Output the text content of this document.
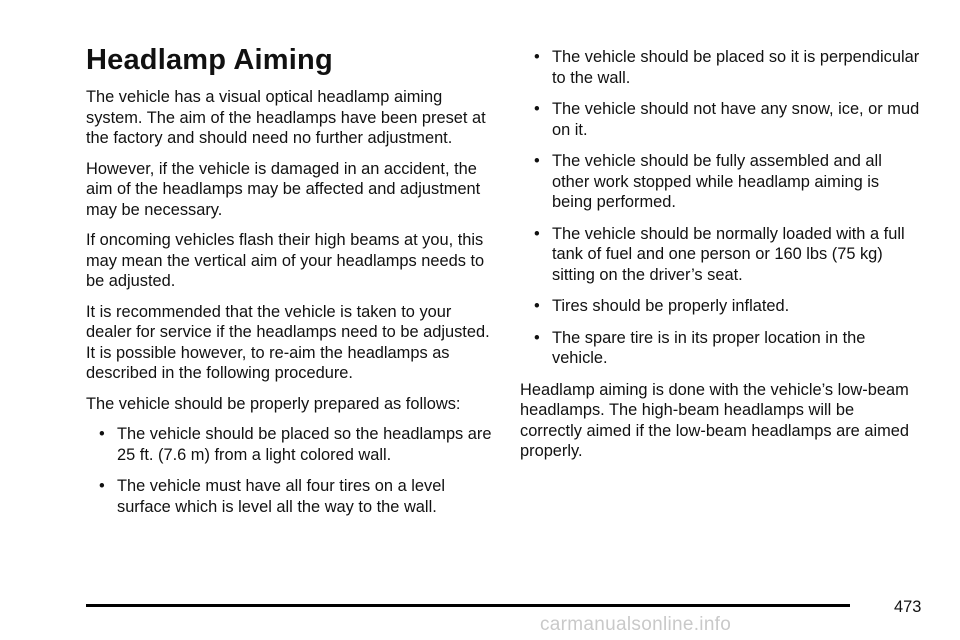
Headlamp Aiming

The vehicle has a visual optical headlamp aiming system. The aim of the headlamps have been preset at the factory and should need no further adjustment.

However, if the vehicle is damaged in an accident, the aim of the headlamps may be affected and adjustment may be necessary.

If oncoming vehicles flash their high beams at you, this may mean the vertical aim of your headlamps needs to be adjusted.

It is recommended that the vehicle is taken to your dealer for service if the headlamps need to be adjusted. It is possible however, to re-aim the headlamps as described in the following procedure.

The vehicle should be properly prepared as follows:

• The vehicle should be placed so the headlamps are 25 ft. (7.6 m) from a light colored wall.
• The vehicle must have all four tires on a level surface which is level all the way to the wall.
• The vehicle should be placed so it is perpendicular to the wall.
• The vehicle should not have any snow, ice, or mud on it.
• The vehicle should be fully assembled and all other work stopped while headlamp aiming is being performed.
• The vehicle should be normally loaded with a full tank of fuel and one person or 160 lbs (75 kg) sitting on the driver’s seat.
• Tires should be properly inflated.
• The spare tire is in its proper location in the vehicle.

Headlamp aiming is done with the vehicle’s low-beam headlamps. The high-beam headlamps will be correctly aimed if the low-beam headlamps are aimed properly.

473
carmanualsonline.info
